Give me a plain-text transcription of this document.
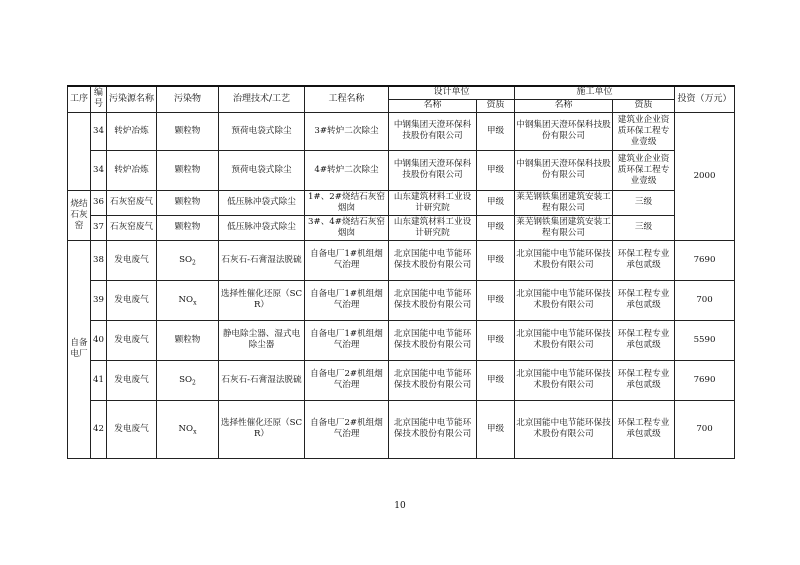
工序	编号	污染源名称	污染物	治理技术/工艺	工程名称	设计单位		施工单位		投资（万元）
						名称	资质	名称	资质	
	34	转炉冶炼	颗粒物	预荷电袋式除尘	3#转炉二次除尘	中钢集团天澄环保科技股份有限公司	甲级	中钢集团天澄环保科技股份有限公司	建筑业企业资质环保工程专业壹级	2000
	34	转炉冶炼	颗粒物	预荷电袋式除尘	4#转炉二次除尘	中钢集团天澄环保科技股份有限公司	甲级	中钢集团天澄环保科技股份有限公司	建筑业企业资质环保工程专业壹级	
烧结石灰窑	36	石灰窑废气	颗粒物	低压脉冲袋式除尘	1#、2#烧结石灰窑烟囱	山东建筑材料工业设计研究院	甲级	莱芜钢铁集团建筑安装工程有限公司	三级	
	37	石灰窑废气	颗粒物	低压脉冲袋式除尘	3#、4#烧结石灰窑烟囱	山东建筑材料工业设计研究院	甲级	莱芜钢铁集团建筑安装工程有限公司	三级	
自备电厂	38	发电废气	$SO_2$	石灰石-石膏湿法脱硫	自备电厂1#机组烟气治理	北京国能中电节能环保技术股份有限公司	甲级	北京国能中电节能环保技术股份有限公司	环保工程专业承包贰级	7690
	39	发电废气	$NO_x$	选择性催化还原（SCR）	自备电厂1#机组烟气治理	北京国能中电节能环保技术股份有限公司	甲级	北京国能中电节能环保技术股份有限公司	环保工程专业承包贰级	700
	40	发电废气	颗粒物	静电除尘器、湿式电除尘器	自备电厂1#机组烟气治理	北京国能中电节能环保技术股份有限公司	甲级	北京国能中电节能环保技术股份有限公司	环保工程专业承包贰级	5590
	41	发电废气	$SO_2$	石灰石-石膏湿法脱硫	自备电厂2#机组烟气治理	北京国能中电节能环保技术股份有限公司	甲级	北京国能中电节能环保技术股份有限公司	环保工程专业承包贰级	7690
	42	发电废气	$NO_x$	选择性催化还原（SCR）	自备电厂2#机组烟气治理	北京国能中电节能环保技术股份有限公司	甲级	北京国能中电节能环保技术股份有限公司	环保工程专业承包贰级	700
10
